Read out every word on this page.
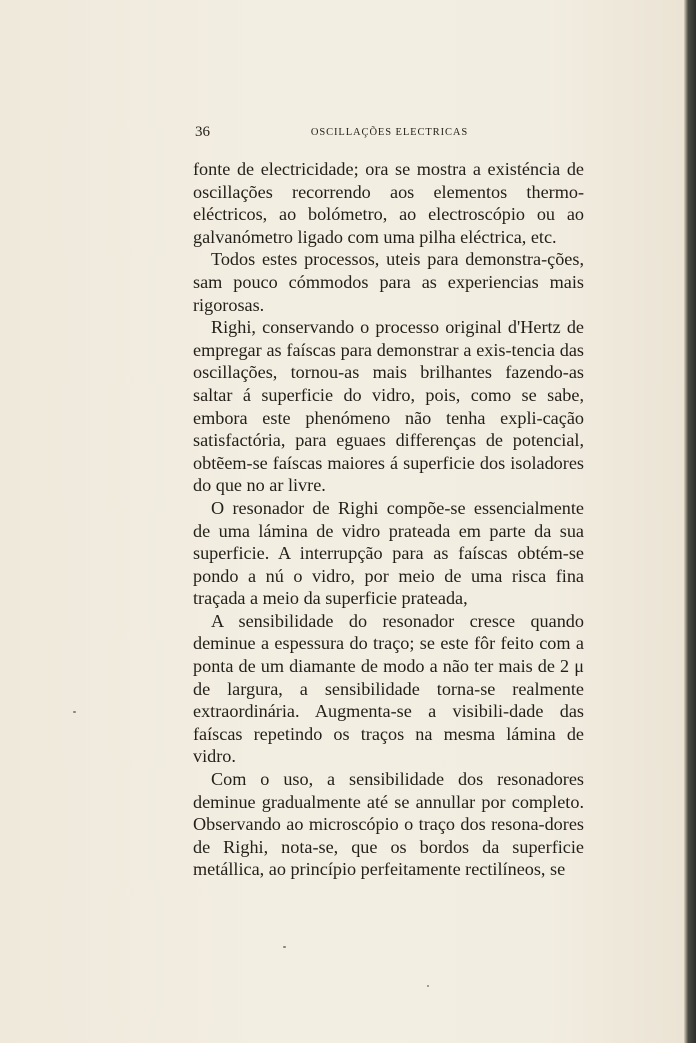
36	OSCILLAÇÕES ELECTRICAS

fonte de electricidade; ora se mostra a existéncia de oscillações recorrendo aos elementos thermo-eléctricos, ao bolómetro, ao electroscópio ou ao galvanómetro ligado com uma pilha eléctrica, etc.

Todos estes processos, uteis para demonstra-ções, sam pouco cómmodos para as experiencias mais rigorosas.

Righi, conservando o processo original d'Hertz de empregar as faíscas para demonstrar a exis-tencia das oscillações, tornou-as mais brilhantes fazendo-as saltar á superficie do vidro, pois, como se sabe, embora este phenómeno não tenha expli-cação satisfactória, para eguaes differenças de potencial, obtẽem-se faíscas maiores á superficie dos isoladores do que no ar livre.

O resonador de Righi compõe-se essencialmente de uma lámina de vidro prateada em parte da sua superficie. A interrupção para as faíscas obtém-se pondo a nú o vidro, por meio de uma risca fina traçada a meio da superficie prateada,

A sensibilidade do resonador cresce quando deminue a espessura do traço; se este fôr feito com a ponta de um diamante de modo a não ter mais de 2 μ de largura, a sensibilidade torna-se realmente extraordinária. Augmenta-se a visibili-dade das faíscas repetindo os traços na mesma lámina de vidro.

Com o uso, a sensibilidade dos resonadores deminue gradualmente até se annullar por completo. Observando ao microscópio o traço dos resona-dores de Righi, nota-se, que os bordos da superficie metállica, ao princípio perfeitamente rectilíneos, se
